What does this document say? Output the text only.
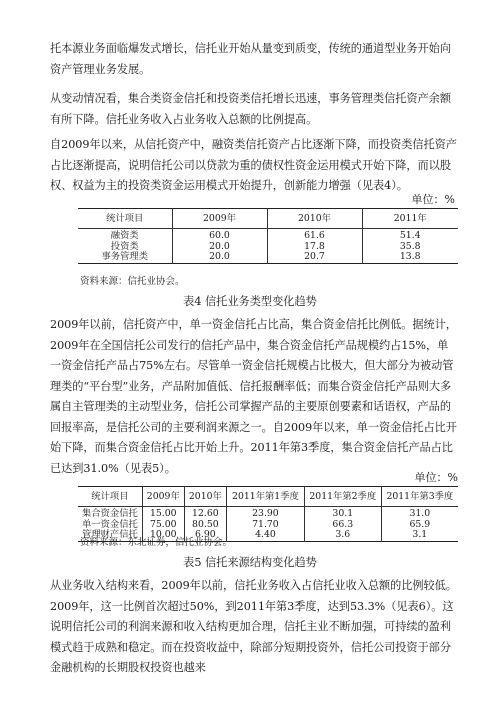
托本源业务面临爆发式增长，信托业开始从量变到质变，传统的通道型业务开始向资产管理业务发展。

从变动情况看，集合类资金信托和投资类信托增长迅速，事务管理类信托资产余额有所下降。信托业务收入占业务收入总额的比例提高。

自2009年以来，从信托资产中，融资类信托资产占比逐渐下降，而投资类信托资产占比逐渐提高，说明信托公司以贷款为重的债权性资金运用模式开始下降，而以股权、权益为主的投资类资金运用模式开始提升，创新能力增强（见表4）。

单位：%
统计项目	2009年	2010年	2011年
融资类	60.0	61.6	51.4
投资类	20.0	17.8	35.8
事务管理类	20.0	20.7	13.8
资料来源：信托业协会。
表4 信托业务类型变化趋势

2009年以前，信托资产中，单一资金信托占比高，集合资金信托比例低。据统计，2009年在全国信托公司发行的信托产品中，集合资金信托产品规模约占15%，单一资金信托产品占75%左右。尽管单一资金信托规模占比极大，但大部分为被动管理类的“平台型”业务，产品附加值低、信托报酬率低；而集合资金信托产品则大多属自主管理类的主动型业务，信托公司掌握产品的主要原创要素和话语权，产品的回报率高，是信托公司的主要利润来源之一。自2009年以来，单一资金信托占比开始下降，而集合资金信托占比开始上升。2011年第3季度，集合资金信托产品占比已达到31.0%（见表5）。

单位：%
统计项目	2009年	2010年	2011年第1季度	2011年第2季度	2011年第3季度
集合资金信托	15.00	12.60	23.90	30.1	31.0
单一资金信托	75.00	80.50	71.70	66.3	65.9
管理财产信托	10.00	6.90	4.40	3.6	3.1
资料来源：东北证券，信托业协会。
表5 信托来源结构变化趋势

从业务收入结构来看，2009年以前，信托业务收入占信托业收入总额的比例较低。2009年，这一比例首次超过50%，到2011年第3季度，达到53.3%（见表6）。这说明信托公司的利润来源和收入结构更加合理，信托主业不断加强，可持续的盈利模式趋于成熟和稳定。而在投资收益中，除部分短期投资外，信托公司投资于部分金融机构的长期股权投资也越来
